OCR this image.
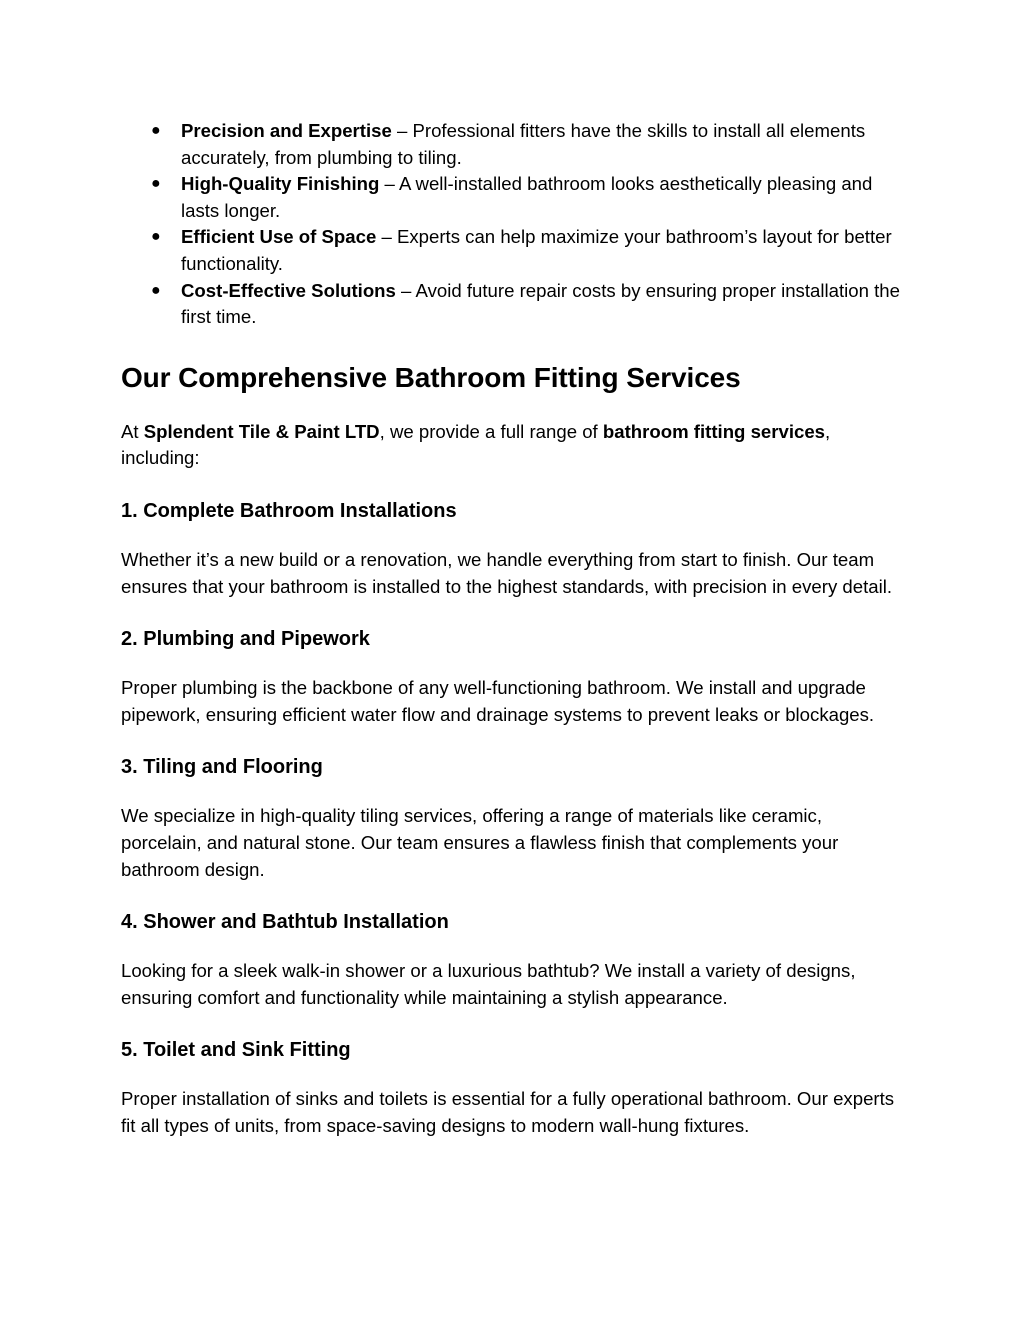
● Precision and Expertise – Professional fitters have the skills to install all elements accurately, from plumbing to tiling.
● High-Quality Finishing – A well-installed bathroom looks aesthetically pleasing and lasts longer.
● Efficient Use of Space – Experts can help maximize your bathroom’s layout for better functionality.
● Cost-Effective Solutions – Avoid future repair costs by ensuring proper installation the first time.
Our Comprehensive Bathroom Fitting Services

At Splendent Tile & Paint LTD, we provide a full range of bathroom fitting services, including:

1. Complete Bathroom Installations

Whether it’s a new build or a renovation, we handle everything from start to finish. Our team ensures that your bathroom is installed to the highest standards, with precision in every detail.

2. Plumbing and Pipework

Proper plumbing is the backbone of any well-functioning bathroom. We install and upgrade pipework, ensuring efficient water flow and drainage systems to prevent leaks or blockages.

3. Tiling and Flooring

We specialize in high-quality tiling services, offering a range of materials like ceramic, porcelain, and natural stone. Our team ensures a flawless finish that complements your bathroom design.

4. Shower and Bathtub Installation

Looking for a sleek walk-in shower or a luxurious bathtub? We install a variety of designs, ensuring comfort and functionality while maintaining a stylish appearance.

5. Toilet and Sink Fitting

Proper installation of sinks and toilets is essential for a fully operational bathroom. Our experts fit all types of units, from space-saving designs to modern wall-hung fixtures.
